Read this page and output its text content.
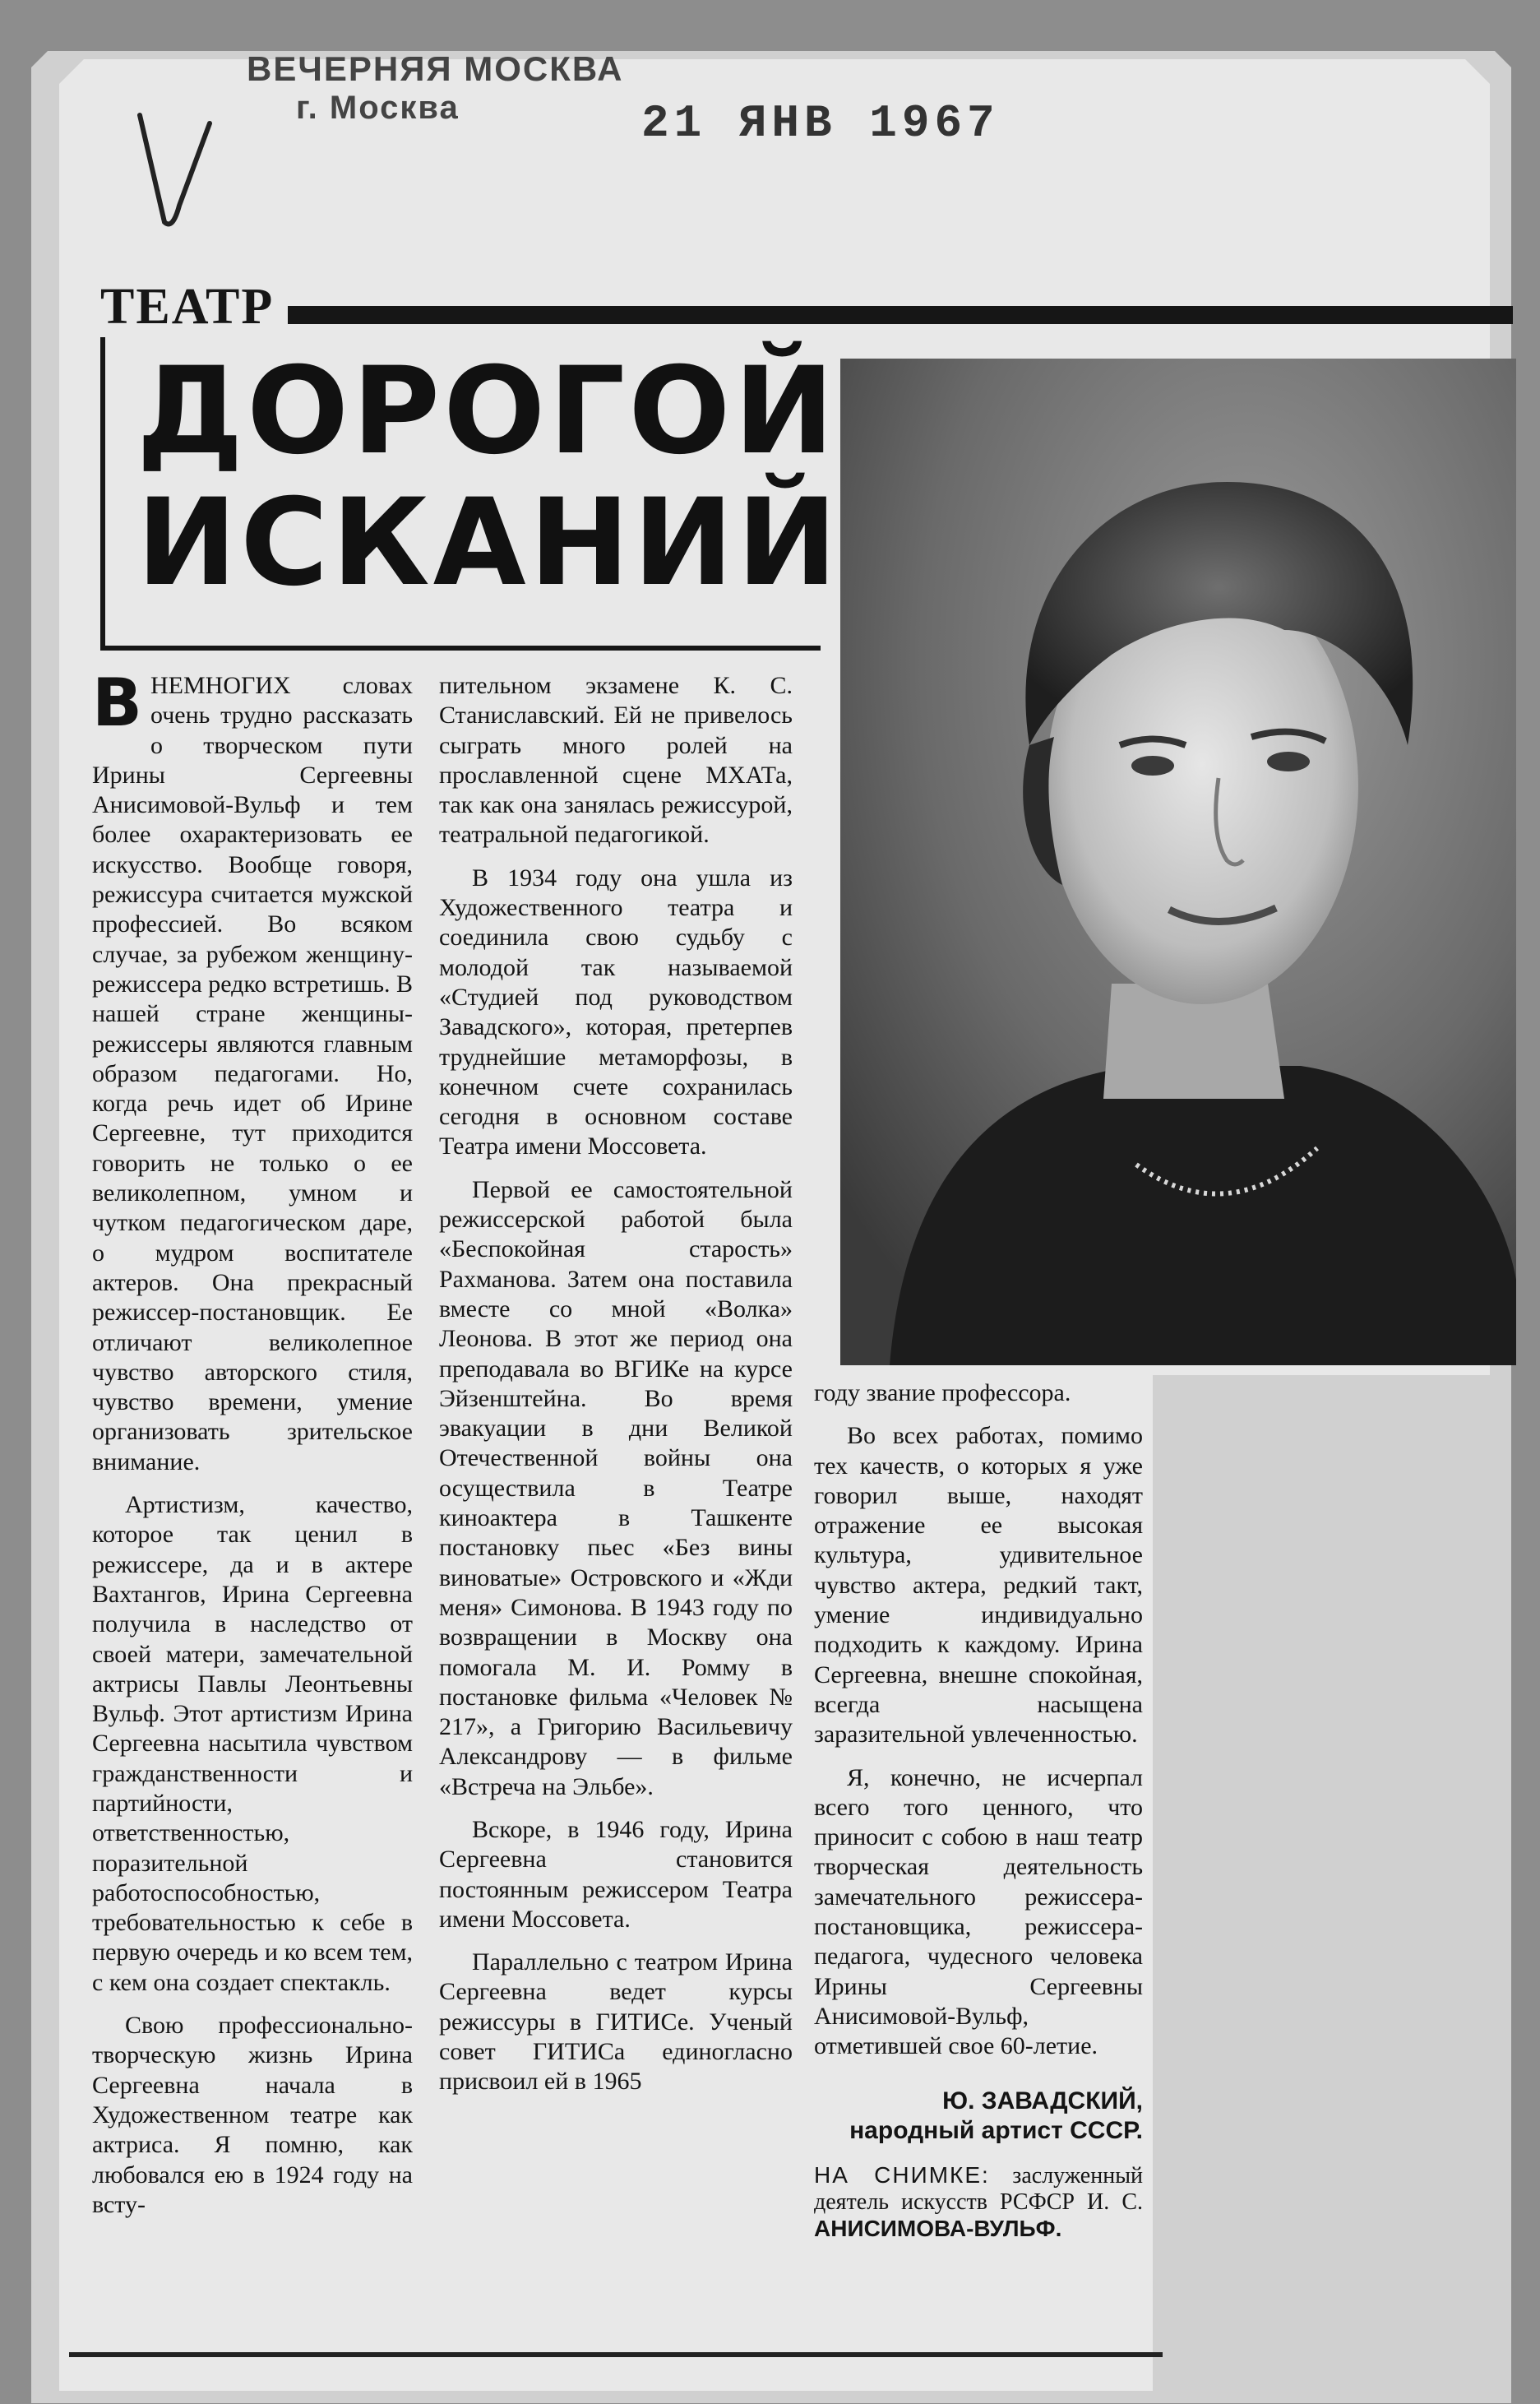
ВЕЧЕРНЯЯ МОСКВА
г. Москва	21 ЯНВ 1967
ТЕАТР
ДОРОГОЙ
ИСКАНИЙ

ВНЕМНОГИХ словах очень трудно рассказать о творческом пути Ирины Сергеевны Анисимовой-Вульф и тем более охарактеризовать ее искусство. Вообще говоря, режиссура считается мужской профессией. Во всяком случае, за рубежом женщину-режиссера редко встретишь. В нашей стране женщины-режиссеры являются главным образом педагогами. Но, когда речь идет об Ирине Сергеевне, тут приходится говорить не только о ее великолепном, умном и чутком педагогическом даре, о мудром воспитателе актеров. Она прекрасный режиссер-постановщик. Ее отличают великолепное чувство авторского стиля, чувство времени, умение организовать зрительское внимание.

Артистизм, качество, которое так ценил в режиссере, да и в актере Вахтангов, Ирина Сергеевна получила в наследство от своей матери, замечательной актрисы Павлы Леонтьевны Вульф. Этот артистизм Ирина Сергеевна насытила чувством гражданственности и партийности, ответственностью, поразительной работоспособностью, требовательностью к себе в первую очередь и ко всем тем, с кем она создает спектакль.

Свою профессионально-творческую жизнь Ирина Сергеевна начала в Художественном театре как актриса. Я помню, как любовался ею в 1924 году на всту-

пительном экзамене К. С. Станиславский. Ей не привелось сыграть много ролей на прославленной сцене МХАТа, так как она занялась режиссурой, театральной педагогикой.

В 1934 году она ушла из Художественного театра и соединила свою судьбу с молодой так называемой «Студией под руководством Завадского», которая, претерпев труднейшие метаморфозы, в конечном счете сохранилась сегодня в основном составе Театра имени Моссовета.

Первой ее самостоятельной режиссерской работой была «Беспокойная старость» Рахманова. Затем она поставила вместе со мной «Волка» Леонова. В этот же период она преподавала во ВГИКе на курсе Эйзенштейна. Во время эвакуации в дни Великой Отечественной войны она осуществила в Театре киноактера в Ташкенте постановку пьес «Без вины виноватые» Островского и «Жди меня» Симонова. В 1943 году по возвращении в Москву она помогала М. И. Ромму в постановке фильма «Человек № 217», а Григорию Васильевичу Александрову — в фильме «Встреча на Эльбе».

Вскоре, в 1946 году, Ирина Сергеевна становится постоянным режиссером Театра имени Моссовета.

Параллельно с театром Ирина Сергеевна ведет курсы режиссуры в ГИТИСе. Ученый совет ГИТИСа единогласно присвоил ей в 1965

году звание профессора.

Во всех работах, помимо тех качеств, о которых я уже говорил выше, находят отражение ее высокая культура, удивительное чувство актера, редкий такт, умение индивидуально подходить к каждому. Ирина Сергеевна, внешне спокойная, всегда насыщена заразительной увлеченностью.

Я, конечно, не исчерпал всего того ценного, что приносит с собою в наш театр творческая деятельность замечательного режиссера-постановщика, режиссера-педагога, чудесного человека Ирины Сергеевны Анисимовой-Вульф, отметившей свое 60-летие.

Ю. ЗАВАДСКИЙ,
народный артист СССР.
НА СНИМКЕ: заслуженный деятель искусств РСФСР И. С. АНИСИМОВА-ВУЛЬФ.
